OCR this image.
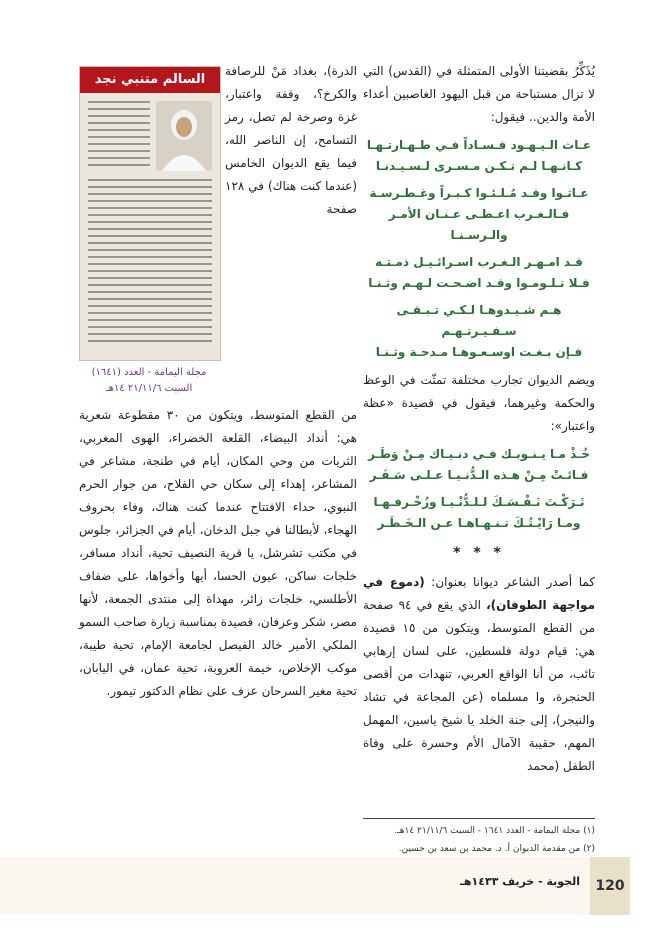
يُذَكِّرُ بقضيتنا الأولى المتمثلة في (القدس) التي لا تزال مستباحة من قبل اليهود الغاصبين أعداء الأمة والدين.. فيقول:

عـاث الـيـهـود فـسـاداً فـي طـهـارتـهـا
كـانـهـا لـم تـكـن مـسـرى لـسـيـدنـا
عـاثـوا وقـد مُـلـئـوا كـبـراً وغـطـرسـة
فـالـغـرب اعـطـى عـنـان الأمـر والـرسـنـا
قـد امـهـر الـغـرب اسـرائـيـل ذمـتـه
فـلا تـلـومـوا وقـد اضـحـت لـهـم وثـنـا
هـم شـيـدوهـا لـكـي تـبـقـى سـفـيـرتـهـم
فـإن بـغـت اوسـعـوهـا مـدحـة وثـنـا

ويضم الديوان تجارب مختلفة تمثّت في الوعظ والحكمة وغيرهما، فيقول في قصيدة «عظة واعتبار»:

خُـذْ مـا يـنـوبـك فـي دنـيـاك مِـنْ وَطَـر
فـائـتْ مِـنْ هـذه الـدُّنـيـا عـلـى سَـفَـر
تَـرَكْـتَ نَـفْـسَـكَ لـلـدُّنْـيـا وزُخْـرفـهـا
ومـا رَايْـتُـكَ تـنـهـاهـا عـن الـخَـطَـر
* * *

كما أصدر الشاعر ديوانا بعنوان: (دموع في مواجهة الطوفان)، الذي يقع في ٩٤ صفحة من القطع المتوسط، ويتكون من ١٥ قصيدة هي: قيام دولة فلسطين، على لسان إرهابي تائب، من أنا الواقع العربي، تنهدات من أقصى الحنجرة، وا مسلماه (عن المجاعة في تشاد والنيجر)، إلى جنة الخلد يا شيخ ياسين، المهمل المهم، حقيبة الآمال الأم وحسرة على وفاة الطفل (محمد

الدرة)، بغداد مَنْ للرصافة والكرخ؟، وقفة واعتبار، غزة وصرخة لم تصل، رمز التسامح، إن الناصر الله، فيما يقع الديوان الخامس (عندما كنت هناك) في ١٢٨ صفحة

السالم متنبي نجد
مجلة اليمامة - العدد (١٦٤١)
السبت ٢١/١١/٦ ١٤هـ

من القطع المتوسط، ويتكون من ٣٠ مقطوعة شعرية هي: أنداد البيضاء، القلعة الخضراء، الهوى المغربي، الثريات من وحي المكان، أيام في طنجة، مشاعر في المشاعر، إهداء إلى سكان حي الفلاح، من جوار الحرم النبوي، حداء الافتتاح عندما كنت هناك، وفاء بحروف الهجاء، لأبطالنا في جبل الدخان، أيام في الجزائر، جلوس في مكتب تشرشل، يا قرية النصيف تحية، أنداد مسافر، خلجات ساكن، عيون الحسا، أيها وأخواها، على ضفاف الأطلسي، خلجات زائر، مهداة إلى منتدى الجمعة، لأنها مصر، شكر وعرفان، قصيدة بمناسبة زيارة صاحب السمو الملكي الأمير خالد الفيصل لجامعة الإمام، تحية طيبة، موكب الإخلاص، خيمة العروبة، تحية عمان، في اليابان، تحية مغير السرحان عزف على نظام الدكتور تيمور.

(١) مجلة اليمامة - العدد ١٦٤١ - السبت ٢١/١١/٦ ١٤هـ.
(٢) من مقدمة الديوان أ. د. محمد بن سعد بن حسين.
الجوبة - خريف ١٤٣٣هـ	120
